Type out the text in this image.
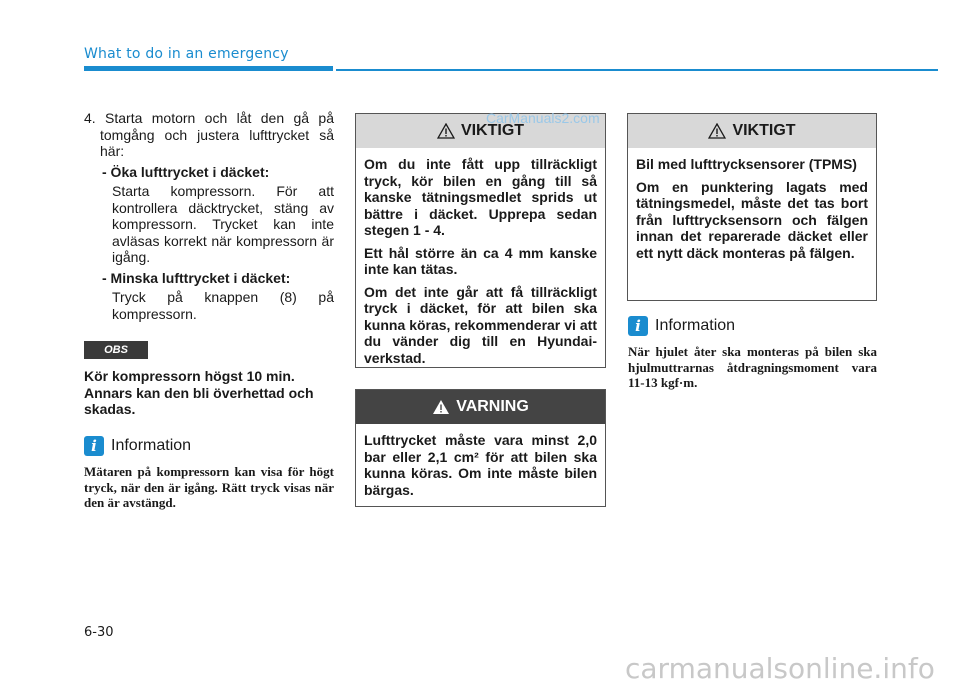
What to do in an emergency

4. Starta motorn och låt den gå på tomgång och justera lufttrycket så här:

- Öka lufttrycket i däcket:

Starta kompressorn. För att kontrollera däcktrycket, stäng av kompressorn. Trycket kan inte avläsas korrekt när kompressorn är igång.

- Minska lufttrycket i däcket:

Tryck på knappen (8) på kompressorn.

OBS

Kör kompressorn högst 10 min. Annars kan den bli överhettad och skadas.

i Information

Mätaren på kompressorn kan visa för högt tryck, när den är igång. Rätt tryck visas när den är avstängd.

VIKTIGT

Om du inte fått upp tillräckligt tryck, kör bilen en gång till så kanske tätningsmedlet sprids ut bättre i däcket. Upprepa sedan stegen 1 - 4.

Ett hål större än ca 4 mm kanske inte kan tätas.

Om det inte går att få tillräckligt tryck i däcket, för att bilen ska kunna köras, rekommenderar vi att du vänder dig till en Hyundai-verkstad.

CarManuals2.com
VARNING

Lufttrycket måste vara minst 2,0 bar eller 2,1 cm² för att bilen ska kunna köras. Om inte måste bilen bärgas.

VIKTIGT

Bil med lufttrycksensorer (TPMS)

Om en punktering lagats med tätningsmedel, måste det tas bort från lufttrycksensorn och fälgen innan det reparerade däcket eller ett nytt däck monteras på fälgen.

i Information

När hjulet åter ska monteras på bilen ska hjulmuttrarnas åtdragningsmoment vara 11-13 kgf·m.

6-30
carmanualsonline.info
